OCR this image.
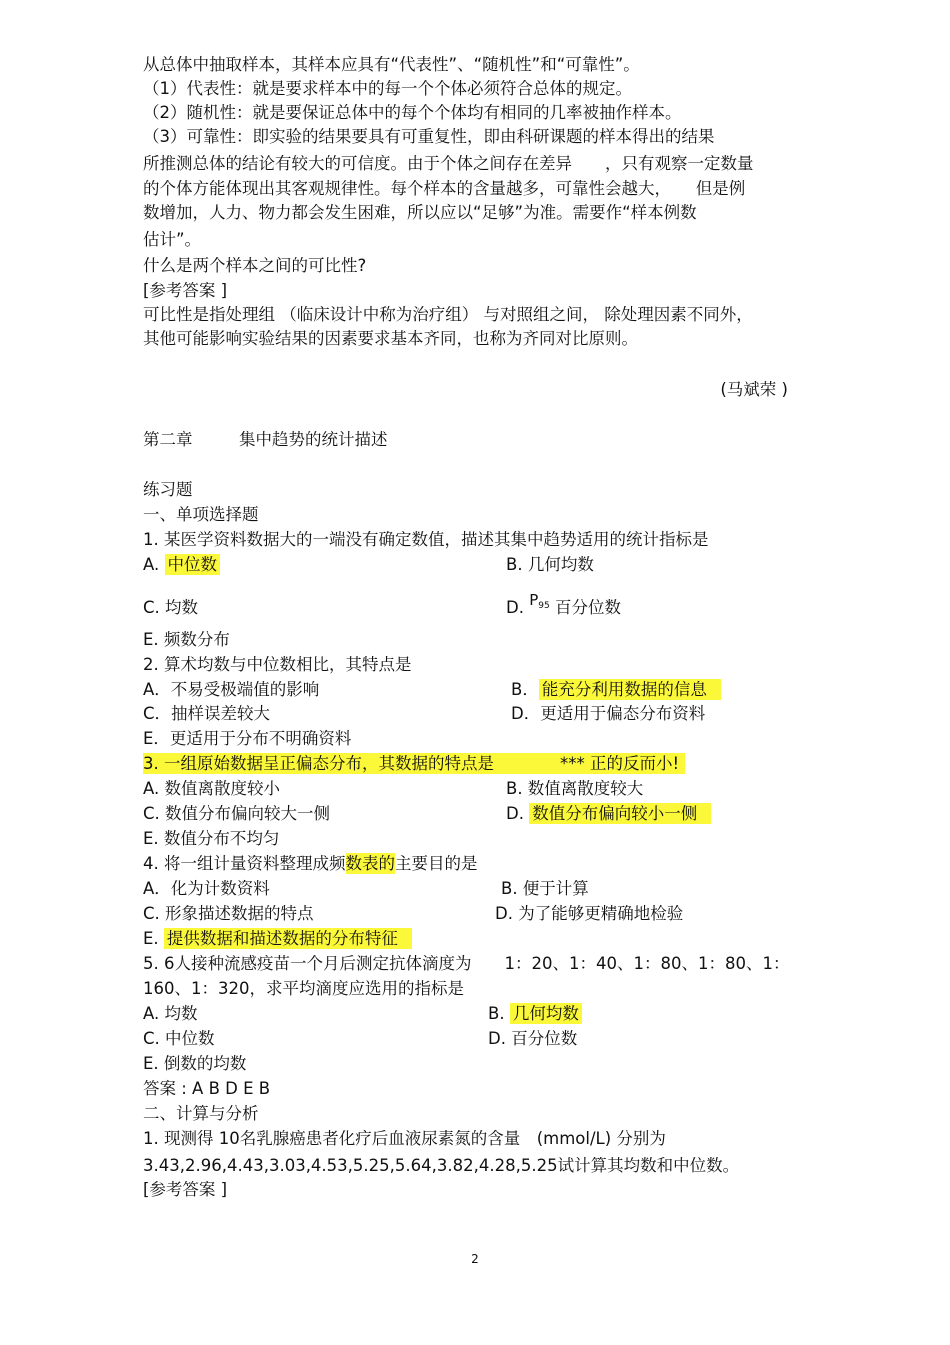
从总体中抽取样本，其样本应具有“代表性”、“随机性”和“可靠性”。
（1）代表性：就是要求样本中的每一个个体必须符合总体的规定。
（2）随机性：就是要保证总体中的每个个体均有相同的几率被抽作样本。
（3）可靠性：即实验的结果要具有可重复性，即由科研课题的样本得出的结果
所推测总体的结论有较大的可信度。由于个体之间存在差异　　，只有观察一定数量
的个体方能体现出其客观规律性。每个样本的含量越多，可靠性会越大，　　但是例
数增加，人力、物力都会发生困难，所以应以“足够”为准。需要作“样本例数
估计”。
什么是两个样本之间的可比性?
[参考答案 ]
可比性是指处理组 （临床设计中称为治疗组） 与对照组之间， 除处理因素不同外，
其他可能影响实验结果的因素要求基本齐同，也称为齐同对比原则。
(马斌荣 )
第二章	集中趋势的统计描述
练习题
一、单项选择题
1. 某医学资料数据大的一端没有确定数值，描述其集中趋势适用的统计指标是
A. 中位数	B. 几何均数
C. 均数	D. $P^{95}$ 百分位数
E. 频数分布
2. 算术均数与中位数相比，其特点是
A．不易受极端值的影响	B． 能充分利用数据的信息
C．抽样误差较大	D．更适用于偏态分布资料
E．更适用于分布不明确资料
3. 一组原始数据呈正偏态分布，其数据的特点是　　　　*** 正的反而小!
A. 数值离散度较小	B. 数值离散度较大
C. 数值分布偏向较大一侧	D. 数值分布偏向较小一侧
E. 数值分布不均匀
4. 将一组计量资料整理成频数表的主要目的是
A．化为计数资料	B. 便于计算
C. 形象描述数据的特点	D. 为了能够更精确地检验
E. 提供数据和描述数据的分布特征
5. 6人接种流感疫苗一个月后测定抗体滴度为　　1：20、1：40、1：80、1：80、1：
160、1：320，求平均滴度应选用的指标是
A. 均数	B. 几何均数
C. 中位数	D. 百分位数
E. 倒数的均数
答案 : A B D E B
二、计算与分析
1. 现测得 10名乳腺癌患者化疗后血液尿素氮的含量　(mmol/L) 分别为
3.43,2.96,4.43,3.03,4.53,5.25,5.64,3.82,4.28,5.25试计算其均数和中位数。
[参考答案 ]
2
